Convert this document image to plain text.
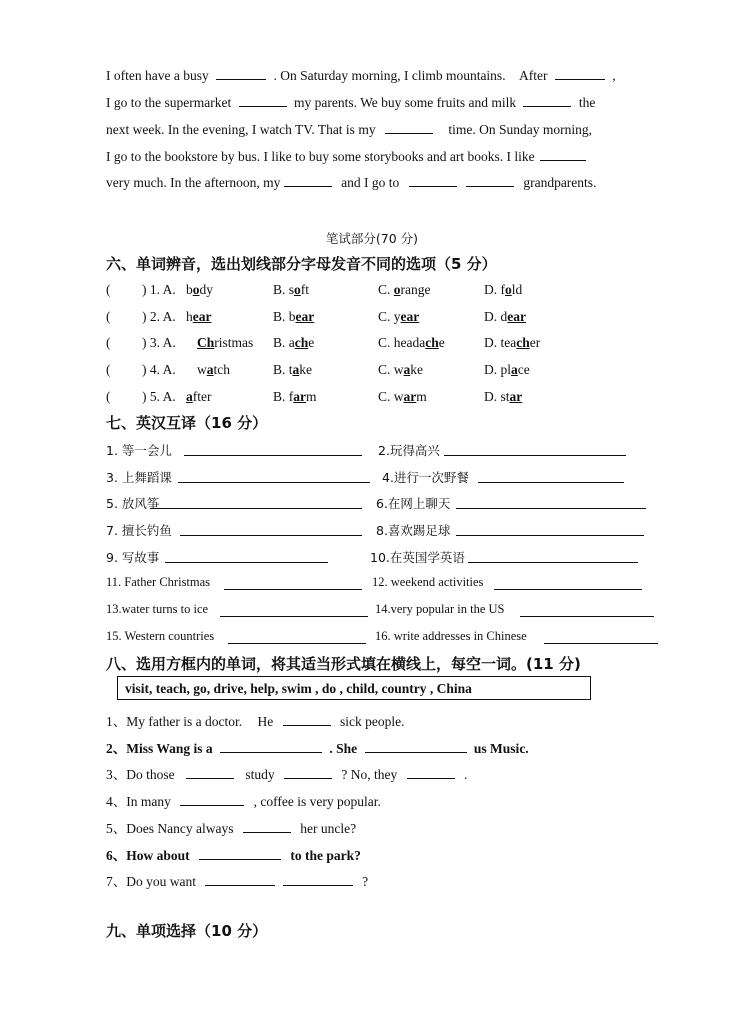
I often have a busy	. On Saturday morning, I climb mountains. After	,
I go to the supermarket	my parents. We buy some fruits and milk	the
next week. In the evening, I watch TV. That is my	time. On Sunday morning,
I go to the bookstore by bus. I like to buy some storybooks and art books. I like
very much. In the afternoon, my	and I go to	grandparents.
笔试部分(70 分)
六、单词辨音，选出划线部分字母发音不同的选项（5 分）
( ) 1. A. body	B. soft	C. orange	D. fold
( ) 2. A. hear	B. bear	C. year	D. dear
( ) 3. A. Christmas B. ache	C. headache	D. teacher
( ) 4. A. watch	B. take	C. wake	D. place
( ) 5. A. after	B. farm	C. warm	D. star
七、英汉互译（16 分）
1. 等一会儿	2.玩得高兴
3. 上舞蹈课	4.进行一次野餐
5. 放风筝	6.在网上聊天
7. 擅长钓鱼	8.喜欢踢足球
9. 写故事	10.在英国学英语
11. Father Christmas	12. weekend activities
13.water turns to ice	14.very popular in the US
15. Western countries	16. write addresses in Chinese
八、选用方框内的单词，将其适当形式填在横线上，每空一词。(11 分)
visit, teach, go, drive, help, swim , do , child, country , China
1、My father is a doctor. He	sick people.
2、Miss Wang is a	. She	us Music.
3、Do those	study	? No, they	.
4、In many	, coffee is very popular.
5、Does Nancy always	her uncle?
6、How about	to the park?
7、Do you want	?
九、单项选择（10 分）
